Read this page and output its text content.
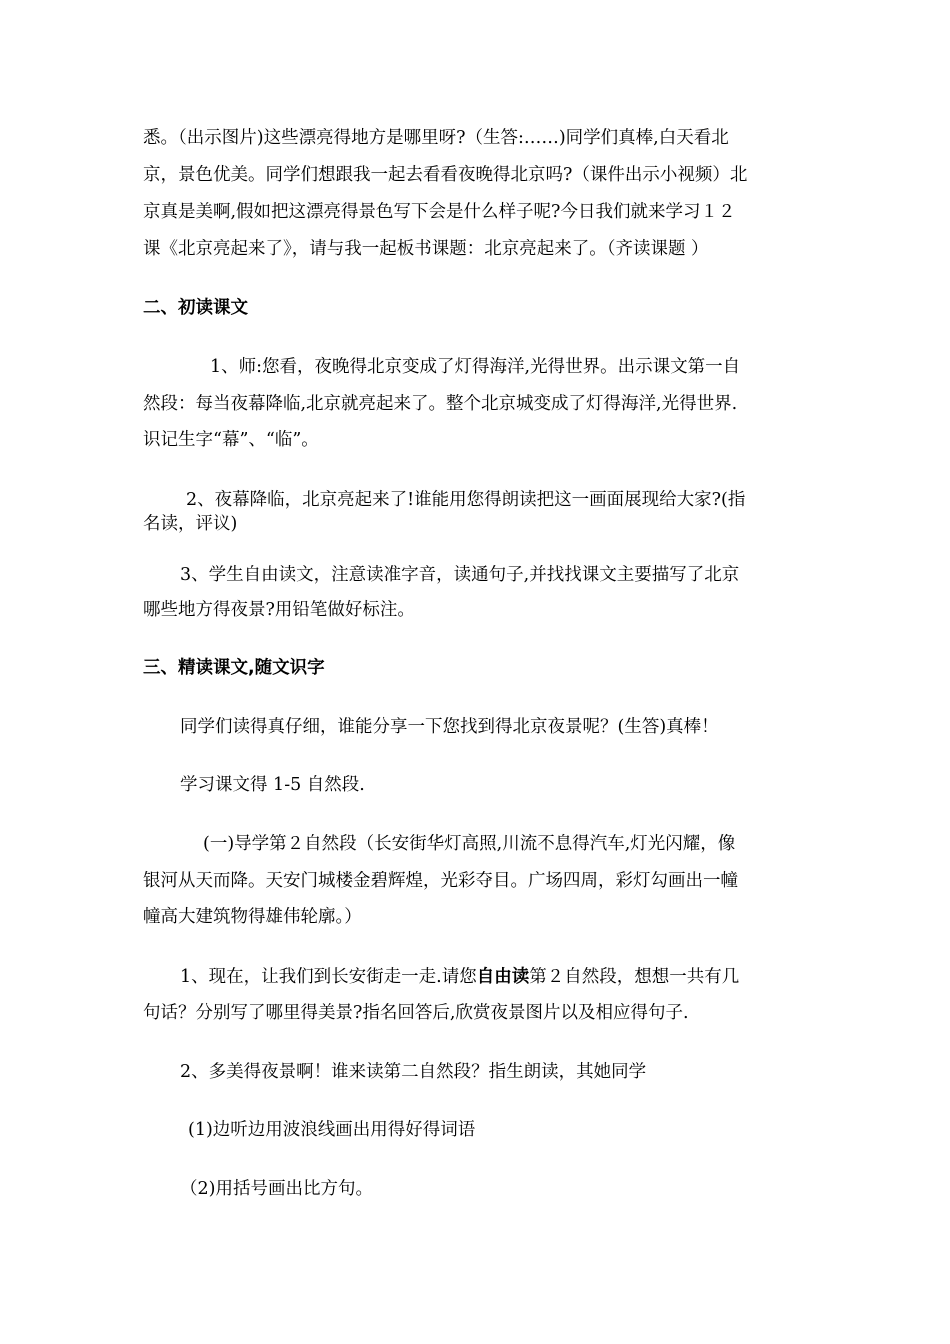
悉。（出示图片)这些漂亮得地方是哪里呀?（生答:……)同学们真棒,白天看北

京，景色优美。同学们想跟我一起去看看夜晚得北京吗?（课件出示小视频）北

京真是美啊,假如把这漂亮得景色写下会是什么样子呢?今日我们就来学习１２

课《北京亮起来了》，请与我一起板书课题：北京亮起来了。（齐读课题 ）

二、初读课文

1、师:您看，夜晚得北京变成了灯得海洋,光得世界。出示课文第一自

然段：每当夜幕降临,北京就亮起来了。整个北京城变成了灯得海洋,光得世界.

识记生字“幕”、“临”。

2、夜幕降临，北京亮起来了!谁能用您得朗读把这一画面展现给大家?(指

名读，评议)

3、学生自由读文，注意读准字音，读通句子,并找找课文主要描写了北京

哪些地方得夜景?用铅笔做好标注。

三、精读课文,随文识字

同学们读得真仔细，谁能分享一下您找到得北京夜景呢？(生答)真棒！

学习课文得 1-5 自然段.

(一)导学第２自然段（长安街华灯高照,川流不息得汽车,灯光闪耀，像

银河从天而降。天安门城楼金碧辉煌，光彩夺目。广场四周，彩灯勾画出一幢

幢高大建筑物得雄伟轮廓。）

1、现在，让我们到长安街走一走.请您自由读第２自然段，想想一共有几

句话？分别写了哪里得美景?指名回答后,欣赏夜景图片以及相应得句子.

2、多美得夜景啊！谁来读第二自然段？指生朗读，其她同学

(1)边听边用波浪线画出用得好得词语

（2)用括号画出比方句。
